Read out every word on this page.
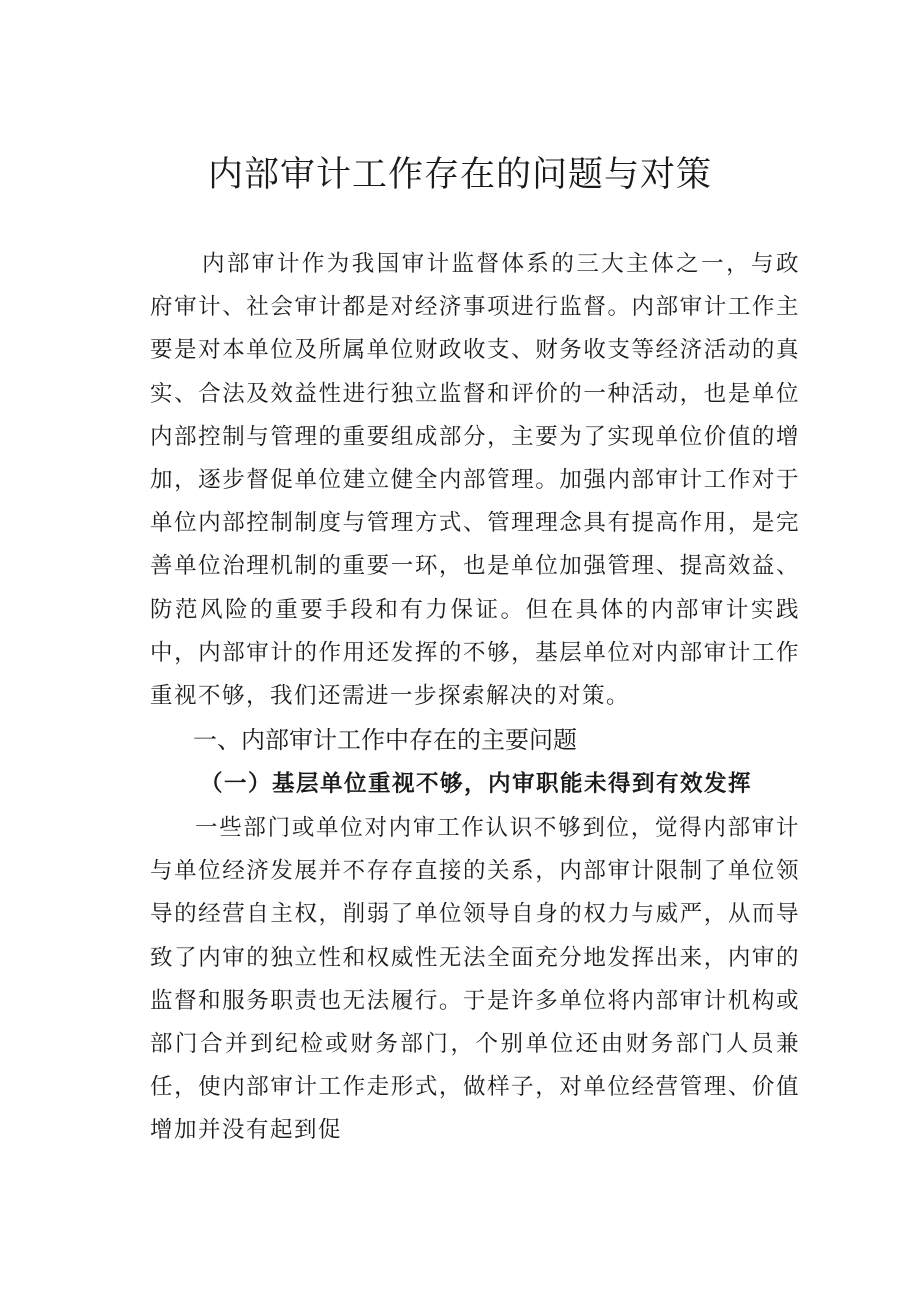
内部审计工作存在的问题与对策

内部审计作为我国审计监督体系的三大主体之一，与政府审计、社会审计都是对经济事项进行监督。内部审计工作主要是对本单位及所属单位财政收支、财务收支等经济活动的真实、合法及效益性进行独立监督和评价的一种活动，也是单位内部控制与管理的重要组成部分，主要为了实现单位价值的增加，逐步督促单位建立健全内部管理。加强内部审计工作对于单位内部控制制度与管理方式、管理理念具有提高作用，是完善单位治理机制的重要一环，也是单位加强管理、提高效益、防范风险的重要手段和有力保证。但在具体的内部审计实践中，内部审计的作用还发挥的不够，基层单位对内部审计工作重视不够，我们还需进一步探索解决的对策。

一、内部审计工作中存在的主要问题
（一）基层单位重视不够，内审职能未得到有效发挥

一些部门或单位对内审工作认识不够到位，觉得内部审计与单位经济发展并不存存直接的关系，内部审计限制了单位领导的经营自主权，削弱了单位领导自身的权力与威严，从而导致了内审的独立性和权威性无法全面充分地发挥出来，内审的监督和服务职责也无法履行。于是许多单位将内部审计机构或部门合并到纪检或财务部门，个别单位还由财务部门人员兼任，使内部审计工作走形式，做样子，对单位经营管理、价值增加并没有起到促
